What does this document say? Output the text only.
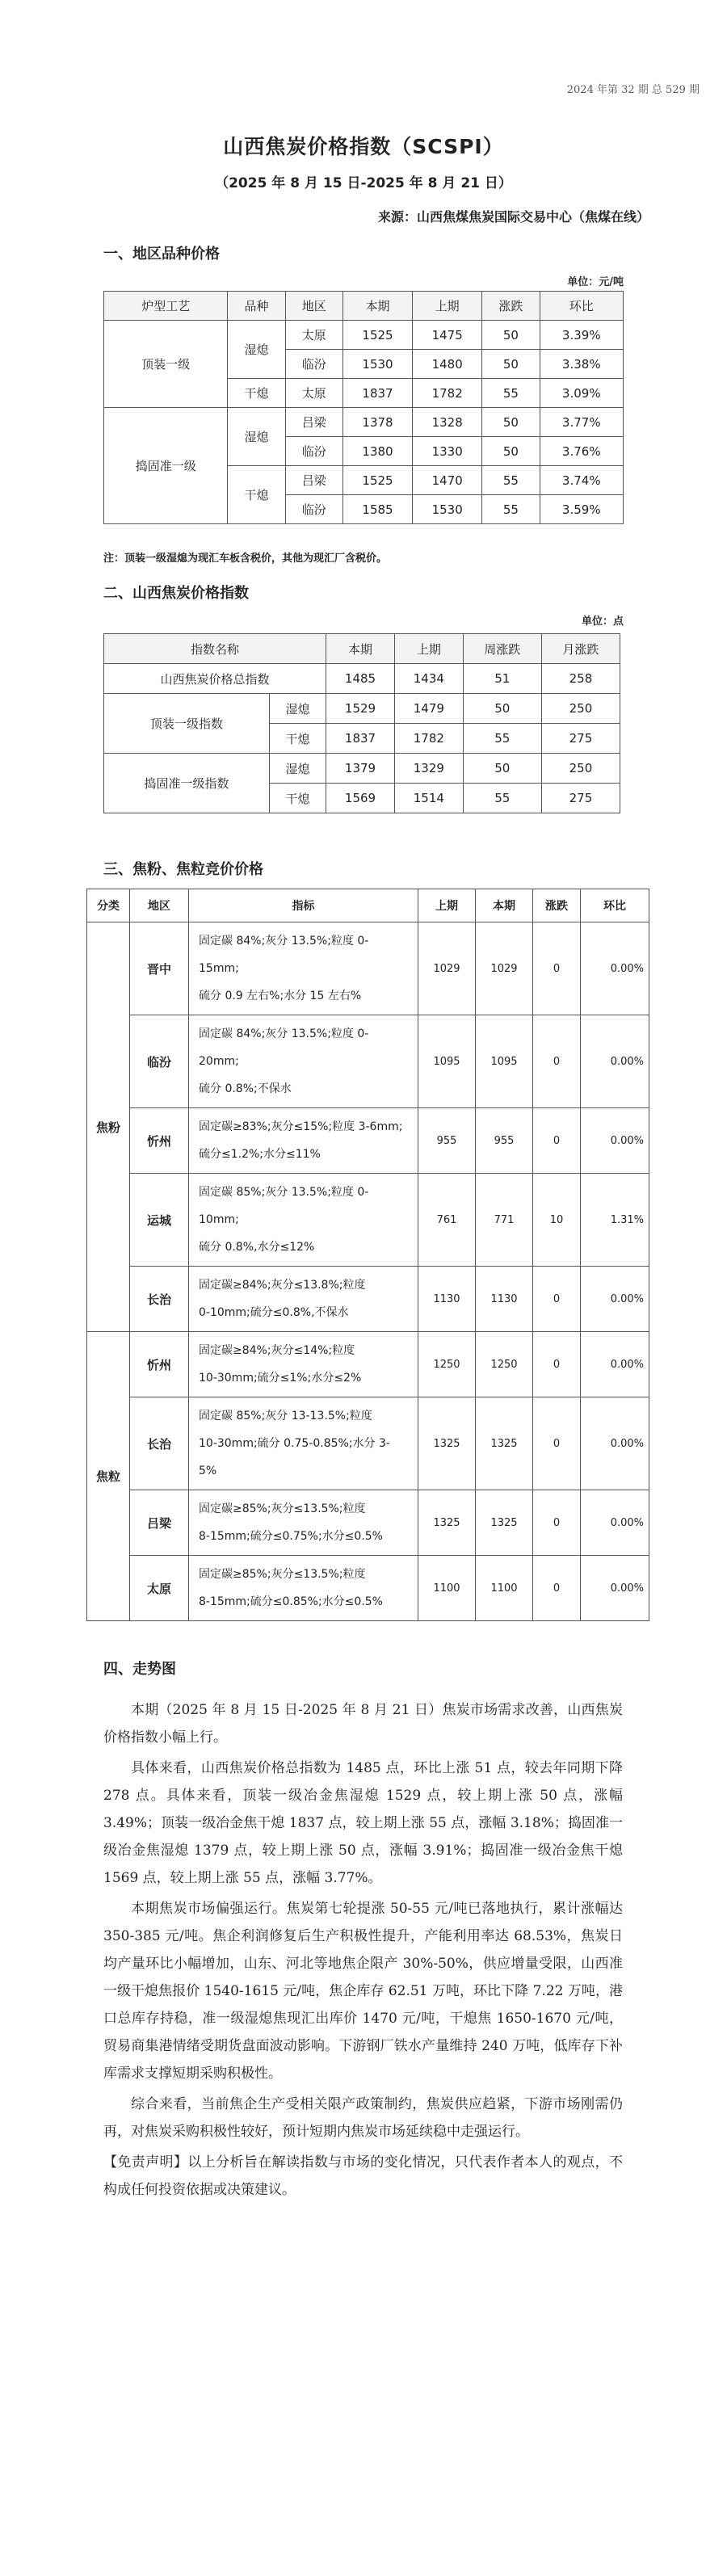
2024 年第 32 期 总 529 期
山西焦炭价格指数（SCSPI）
（2025 年 8 月 15 日-2025 年 8 月 21 日）
来源：山西焦煤焦炭国际交易中心（焦煤在线）
一、地区品种价格
单位：元/吨
炉型工艺	品种	地区	本期	上期	涨跌	环比
顶装一级	湿熄	太原	1525	1475	50	3.39%
		临汾	1530	1480	50	3.38%
	干熄	太原	1837	1782	55	3.09%
捣固准一级	湿熄	吕梁	1378	1328	50	3.77%
		临汾	1380	1330	50	3.76%
	干熄	吕梁	1525	1470	55	3.74%
		临汾	1585	1530	55	3.59%
注：顶装一级湿熄为现汇车板含税价，其他为现汇厂含税价。
二、山西焦炭价格指数
单位：点
指数名称		本期	上期	周涨跌	月涨跌
山西焦炭价格总指数		1485	1434	51	258
顶装一级指数	湿熄	1529	1479	50	250
	干熄	1837	1782	55	275
捣固准一级指数	湿熄	1379	1329	50	250
	干熄	1569	1514	55	275
三、焦粉、焦粒竞价价格
分类	地区	指标	上期	本期	涨跌	环比
焦粉	晋中	固定碳 84%;灰分 13.5%;粒度 0-15mm;
硫分 0.9 左右%;水分 15 左右%	1029	1029	0	0.00%
	临汾	固定碳 84%;灰分 13.5%;粒度 0-20mm;
硫分 0.8%;不保水	1095	1095	0	0.00%
	忻州	固定碳≥83%;灰分≤15%;粒度 3-6mm;
硫分≤1.2%;水分≤11%	955	955	0	0.00%
	运城	固定碳 85%;灰分 13.5%;粒度 0-10mm;
硫分 0.8%,水分≤12%	761	771	10	1.31%
	长治	固定碳≥84%;灰分≤13.8%;粒度
0-10mm;硫分≤0.8%,不保水	1130	1130	0	0.00%
焦粒	忻州	固定碳≥84%;灰分≤14%;粒度
10-30mm;硫分≤1%;水分≤2%	1250	1250	0	0.00%
	长治	固定碳 85%;灰分 13-13.5%;粒度
10-30mm;硫分 0.75-0.85%;水分 3-5%	1325	1325	0	0.00%
	吕梁	固定碳≥85%;灰分≤13.5%;粒度
8-15mm;硫分≤0.75%;水分≤0.5%	1325	1325	0	0.00%
	太原	固定碳≥85%;灰分≤13.5%;粒度
8-15mm;硫分≤0.85%;水分≤0.5%	1100	1100	0	0.00%
四、走势图

本期（2025 年 8 月 15 日-2025 年 8 月 21 日）焦炭市场需求改善，山西焦炭价格指数小幅上行。

具体来看，山西焦炭价格总指数为 1485 点，环比上涨 51 点，较去年同期下降 278 点。具体来看，顶装一级冶金焦湿熄 1529 点，较上期上涨 50 点，涨幅 3.49%；顶装一级冶金焦干熄 1837 点，较上期上涨 55 点，涨幅 3.18%；捣固准一级冶金焦湿熄 1379 点，较上期上涨 50 点，涨幅 3.91%；捣固准一级冶金焦干熄 1569 点，较上期上涨 55 点，涨幅 3.77%。

本期焦炭市场偏强运行。焦炭第七轮提涨 50-55 元/吨已落地执行，累计涨幅达 350-385 元/吨。焦企利润修复后生产积极性提升，产能利用率达 68.53%，焦炭日均产量环比小幅增加，山东、河北等地焦企限产 30%-50%，供应增量受限，山西准一级干熄焦报价 1540-1615 元/吨，焦企库存 62.51 万吨，环比下降 7.22 万吨，港口总库存持稳，准一级湿熄焦现汇出库价 1470 元/吨，干熄焦 1650-1670 元/吨，贸易商集港情绪受期货盘面波动影响。下游钢厂铁水产量维持 240 万吨，低库存下补库需求支撑短期采购积极性。

综合来看，当前焦企生产受相关限产政策制约，焦炭供应趋紧，下游市场刚需仍再，对焦炭采购积极性较好，预计短期内焦炭市场延续稳中走强运行。

【免责声明】以上分析旨在解读指数与市场的变化情况，只代表作者本人的观点，不构成任何投资依据或决策建议。
